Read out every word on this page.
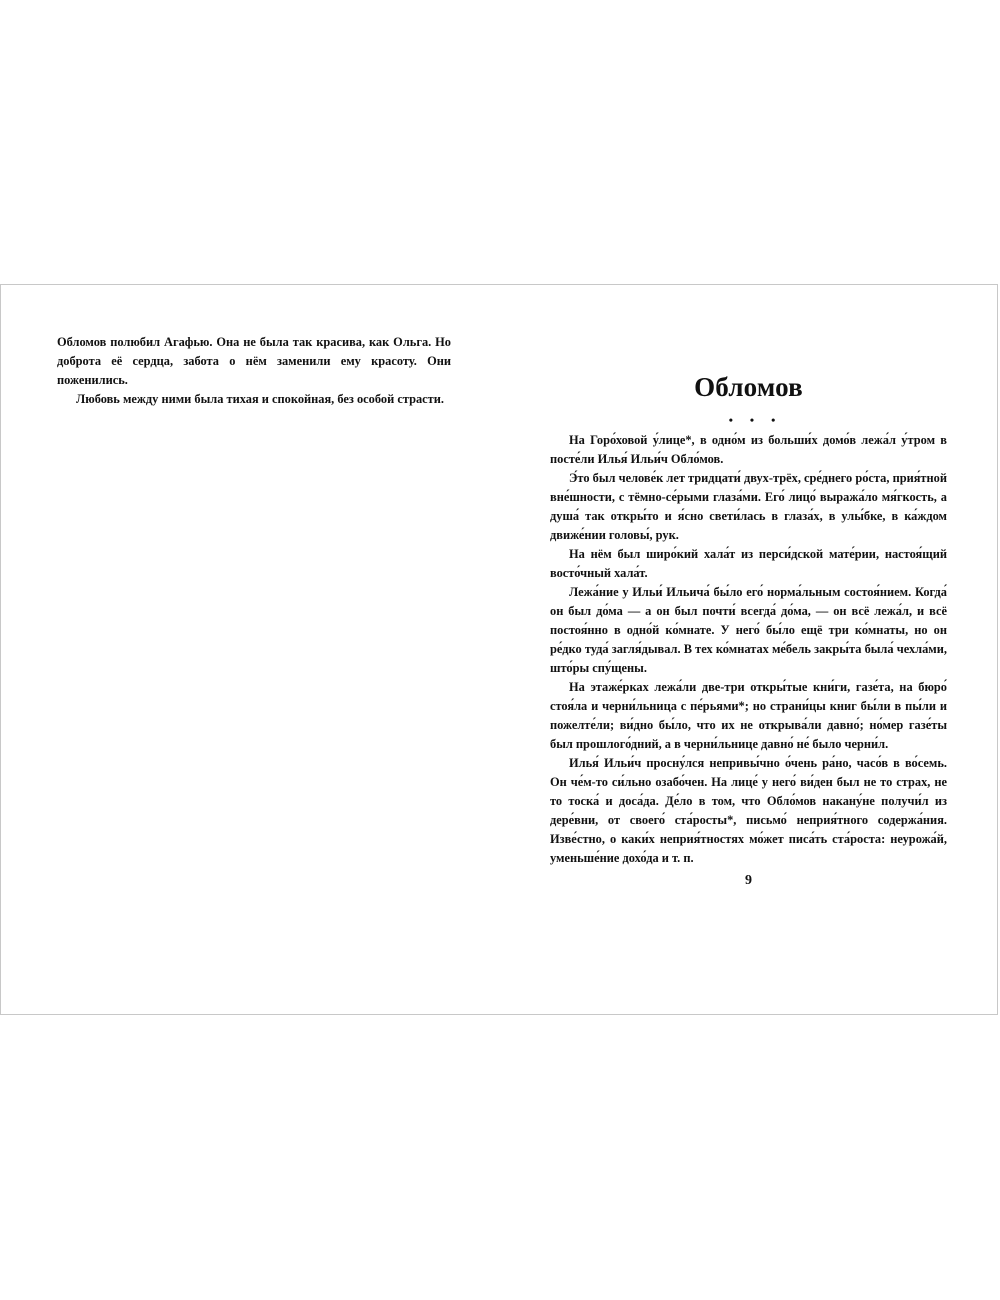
Обломов полюбил Агафью. Она не была так красива, как Ольга. Но доброта её сердца, забота о нём заменили ему красоту. Они поженились.

Любовь между ними была тихая и спокойная, без особой страсти.	Обломов
• • •

На Горо́ховой у́лице*, в одно́м из больши́х домо́в лежа́л у́тром в посте́ли Илья́ Ильи́ч Обло́мов.

Э́то был челове́к лет тридцати́ двух-трёх, сре́днего ро́ста, прия́тной вне́шности, с тёмно-се́рыми глаза́ми. Его́ лицо́ выража́ло мя́гкость, а душа́ так откры́то и я́сно свети́лась в глаза́х, в улы́бке, в ка́ждом движе́нии головы́, рук.

На нём был широ́кий хала́т из перси́дской мате́рии, настоя́щий восто́чный хала́т.

Лежа́ние у Ильи́ Ильича́ бы́ло его́ норма́льным состоя́нием. Когда́ он был до́ма — а он был почти́ всегда́ до́ма, — он всё лежа́л, и всё постоя́нно в одно́й ко́мнате. У него́ бы́ло ещё три ко́мнаты, но он ре́дко туда́ загля́дывал. В тех ко́мнатах ме́бель закры́та была́ чехла́ми, што́ры спу́щены.

На этаже́рках лежа́ли две-три откры́тые кни́ги, газе́та, на бюро́ стоя́ла и черни́льница с пе́рьями*; но страни́цы книг бы́ли в пы́ли и пожелте́ли; ви́дно бы́ло, что их не открыва́ли давно́; но́мер газе́ты был прошлого́дний, а в черни́льнице давно́ не́ было черни́л.

Илья́ Ильи́ч просну́лся непривы́чно о́чень ра́но, часо́в в во́семь. Он че́м-то си́льно озабо́чен. На лице́ у него́ ви́ден был не то страх, не то тоска́ и доса́да. Де́ло в том, что Обло́мов накану́не получи́л из дере́вни, от своего́ ста́росты*, письмо́ неприя́тного содержа́ния. Изве́стно, о каки́х неприя́тностях мо́жет писа́ть ста́роста: неурожа́й, уменьше́ние дохо́да и т. п.

9
